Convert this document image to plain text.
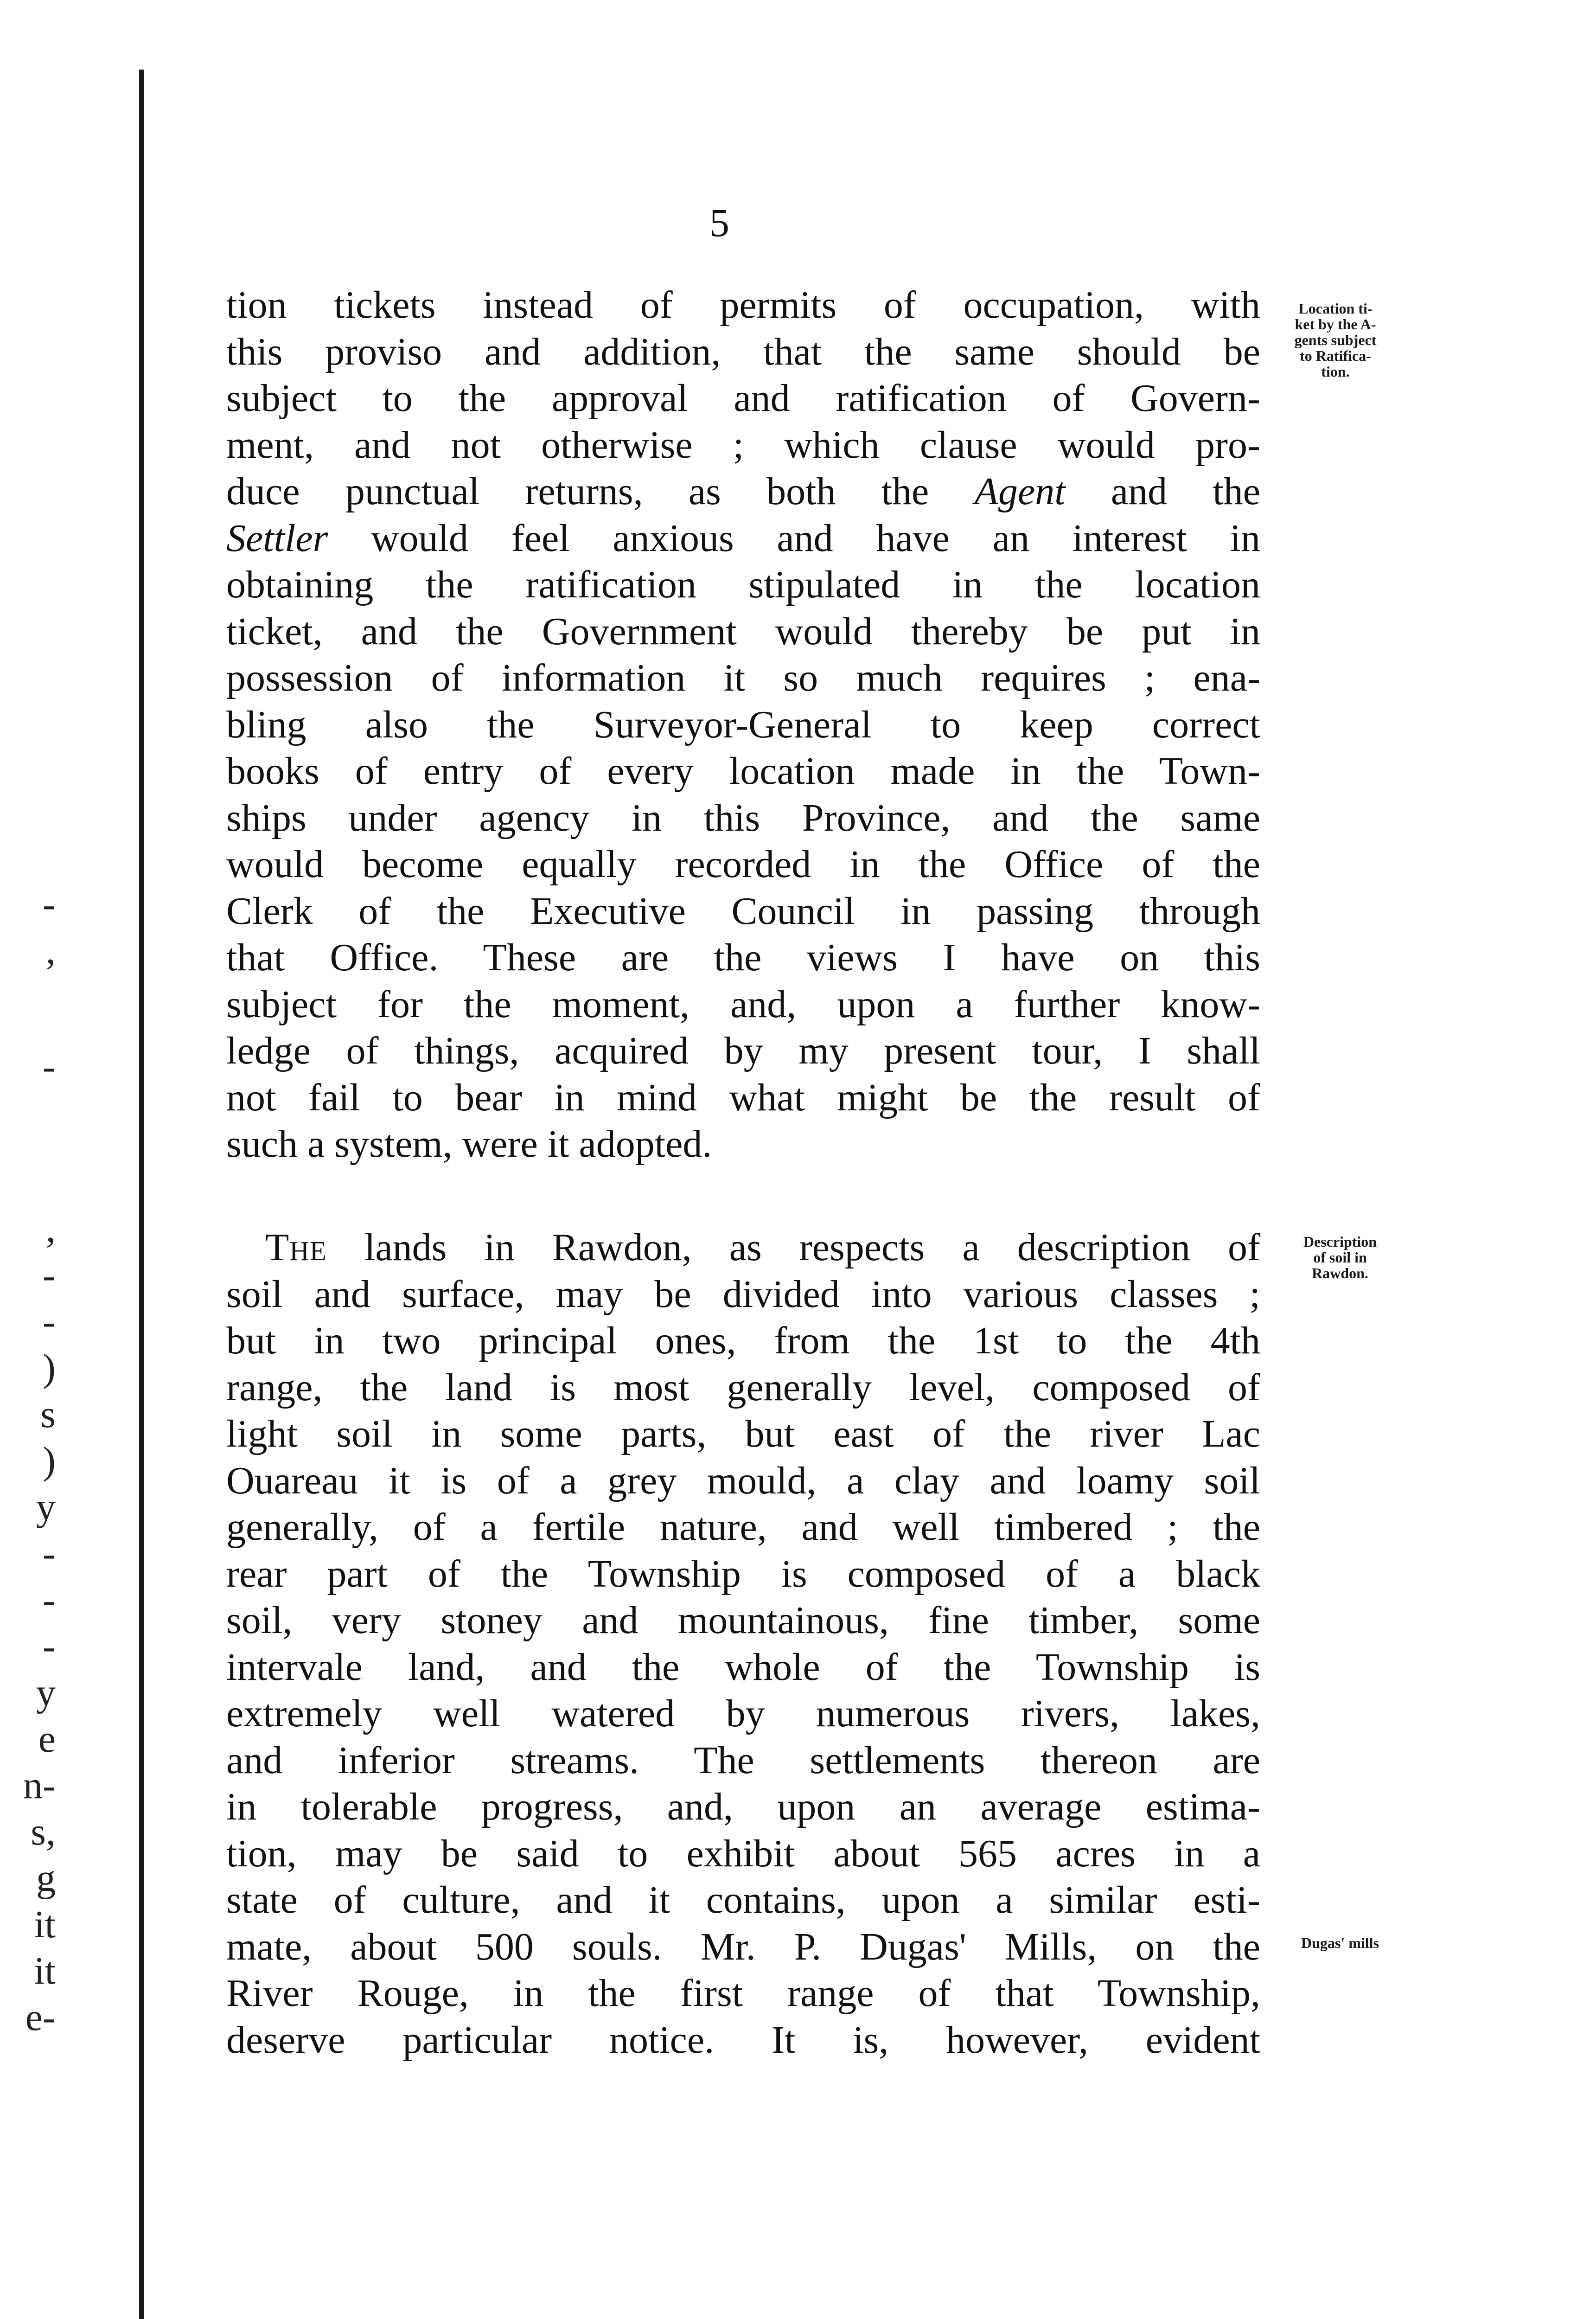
5
Location ti-
ket by the A-
gents subject
to Ratifica-
tion.
Description
of soil in
Rawdon.
Dugas' mills
tion tickets instead of permits of occupation, with
this proviso and addition, that the same should be
subject to the approval and ratification of Govern-
ment, and not otherwise ; which clause would pro-
duce punctual returns, as both the Agent and the
Settler would feel anxious and have an interest in
obtaining the ratification stipulated in the location
ticket, and the Government would thereby be put in
possession of information it so much requires ; ena-
bling also the Surveyor-General to keep correct
books of entry of every location made in the Town-
ships under agency in this Province, and the same
would become equally recorded in the Office of the
Clerk of the Executive Council in passing through
that Office. These are the views I have on this
subject for the moment, and, upon a further know-
ledge of things, acquired by my present tour, I shall
not fail to bear in mind what might be the result of
such a system, were it adopted.
 The lands in Rawdon, as respects a description of
soil and surface, may be divided into various classes ;
but in two principal ones, from the 1st to the 4th
range, the land is most generally level, composed of
light soil in some parts, but east of the river Lac
Ouareau it is of a grey mould, a clay and loamy soil
generally, of a fertile nature, and well timbered ; the
rear part of the Township is composed of a black
soil, very stoney and mountainous, fine timber, some
intervale land, and the whole of the Township is
extremely well watered by numerous rivers, lakes,
and inferior streams. The settlements thereon are
in tolerable progress, and, upon an average estima-
tion, may be said to exhibit about 565 acres in a
state of culture, and it contains, upon a similar esti-
mate, about 500 souls. Mr. P. Dugas' Mills, on the
River Rouge, in the first range of that Township,
deserve particular notice. It is, however, evident
-
,
-
,
-
-
)
s
)
y
-
-
-
y
e
n-
s,
g
it
it
e-
